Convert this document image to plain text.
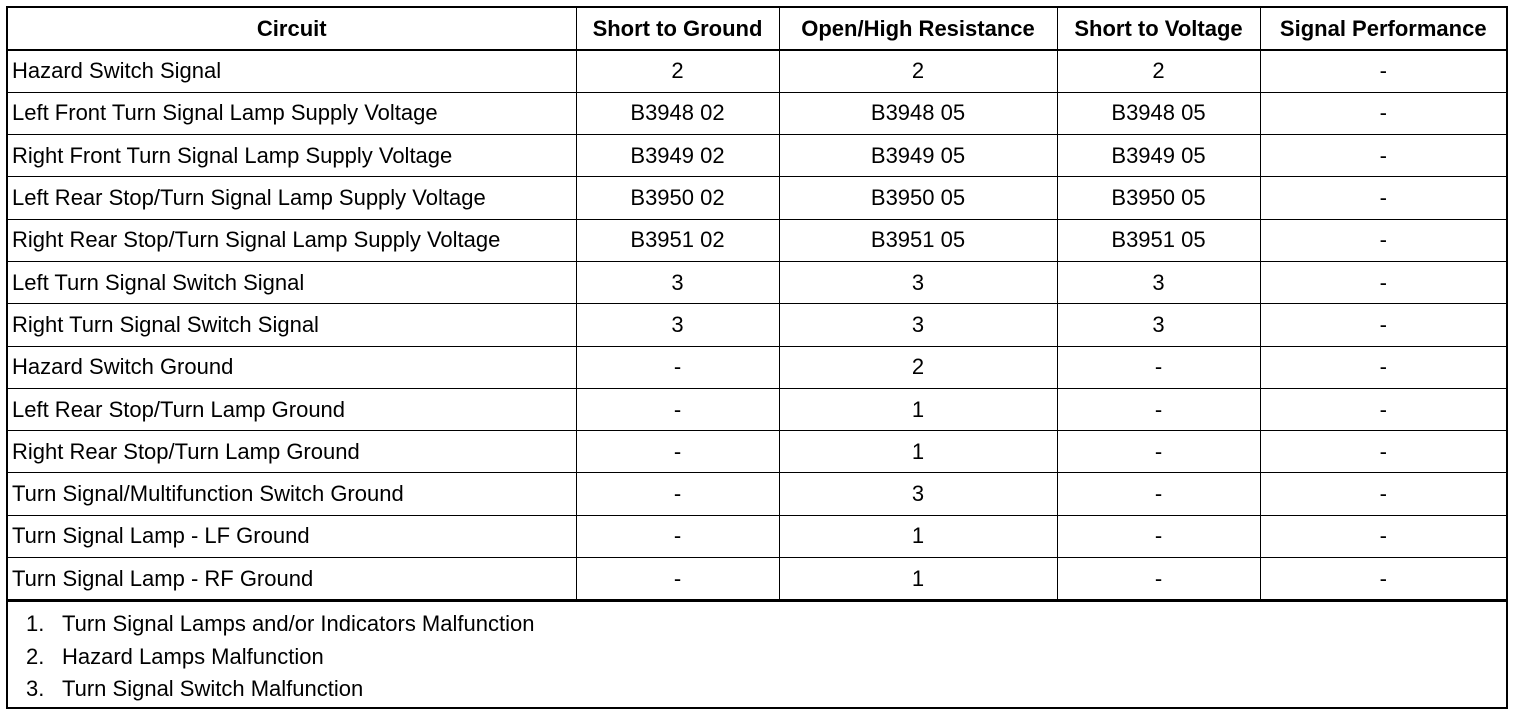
Circuit	Short to Ground	Open/High Resistance	Short to Voltage	Signal Performance
Hazard Switch Signal	2	2	2	-
Left Front Turn Signal Lamp Supply Voltage	B3948 02	B3948 05	B3948 05	-
Right Front Turn Signal Lamp Supply Voltage	B3949 02	B3949 05	B3949 05	-
Left Rear Stop/Turn Signal Lamp Supply Voltage	B3950 02	B3950 05	B3950 05	-
Right Rear Stop/Turn Signal Lamp Supply Voltage	B3951 02	B3951 05	B3951 05	-
Left Turn Signal Switch Signal	3	3	3	-
Right Turn Signal Switch Signal	3	3	3	-
Hazard Switch Ground	-	2	-	-
Left Rear Stop/Turn Lamp Ground	-	1	-	-
Right Rear Stop/Turn Lamp Ground	-	1	-	-
Turn Signal/Multifunction Switch Ground	-	3	-	-
Turn Signal Lamp - LF Ground	-	1	-	-
Turn Signal Lamp - RF Ground	-	1	-	-
1. Turn Signal Lamps and/or Indicators Malfunction
2. Hazard Lamps Malfunction
3. Turn Signal Switch Malfunction
